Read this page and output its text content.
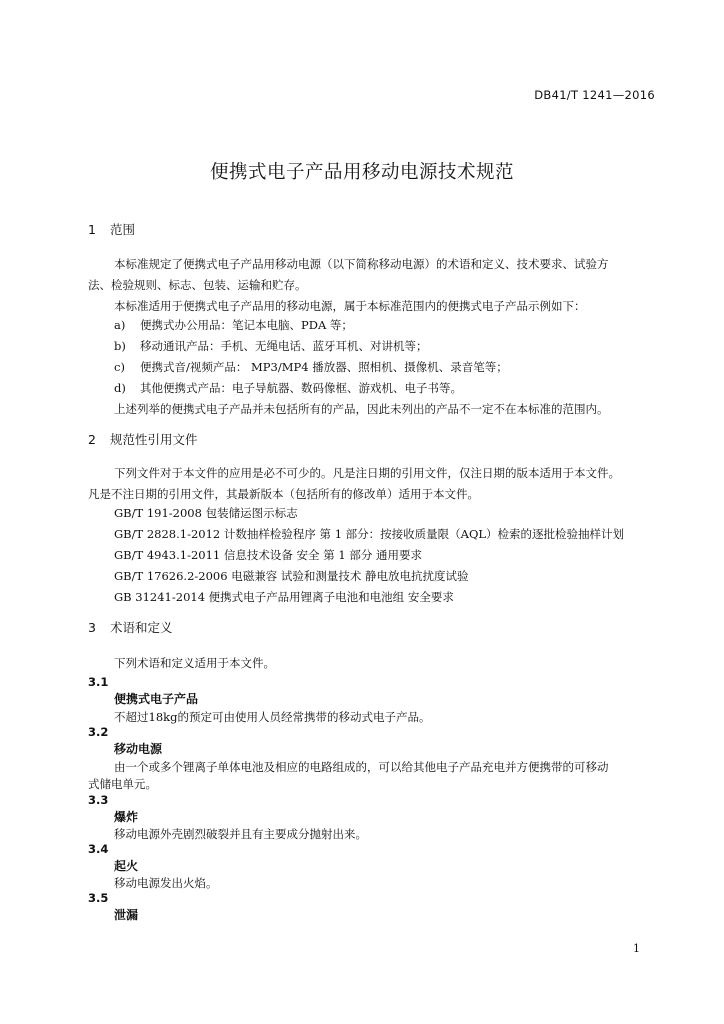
DB41/T 1241—2016
便携式电子产品用移动电源技术规范
1 范围
本标准规定了便携式电子产品用移动电源（以下简称移动电源）的术语和定义、技术要求、试验方
法、检验规则、标志、包装、运输和贮存。
本标准适用于便携式电子产品用的移动电源，属于本标准范围内的便携式电子产品示例如下：
a) 便携式办公用品：笔记本电脑、PDA 等；
b) 移动通讯产品：手机、无绳电话、蓝牙耳机、对讲机等；
c) 便携式音/视频产品： MP3/MP4 播放器、照相机、摄像机、录音笔等；
d) 其他便携式产品：电子导航器、数码像框、游戏机、电子书等。
上述列举的便携式电子产品并未包括所有的产品，因此未列出的产品不一定不在本标准的范围内。
2 规范性引用文件
下列文件对于本文件的应用是必不可少的。凡是注日期的引用文件，仅注日期的版本适用于本文件。
凡是不注日期的引用文件，其最新版本（包括所有的修改单）适用于本文件。
GB/T 191-2008 包装储运图示标志
GB/T 2828.1-2012 计数抽样检验程序 第 1 部分：按接收质量限（AQL）检索的逐批检验抽样计划
GB/T 4943.1-2011 信息技术设备 安全 第 1 部分 通用要求
GB/T 17626.2-2006 电磁兼容 试验和测量技术 静电放电抗扰度试验
GB 31241-2014 便携式电子产品用锂离子电池和电池组 安全要求
3 术语和定义
下列术语和定义适用于本文件。
3.1
便携式电子产品
不超过18kg的预定可由使用人员经常携带的移动式电子产品。
3.2
移动电源
由一个或多个锂离子单体电池及相应的电路组成的，可以给其他电子产品充电并方便携带的可移动
式储电单元。
3.3
爆炸
移动电源外壳剧烈破裂并且有主要成分抛射出来。
3.4
起火
移动电源发出火焰。
3.5
泄漏
1
